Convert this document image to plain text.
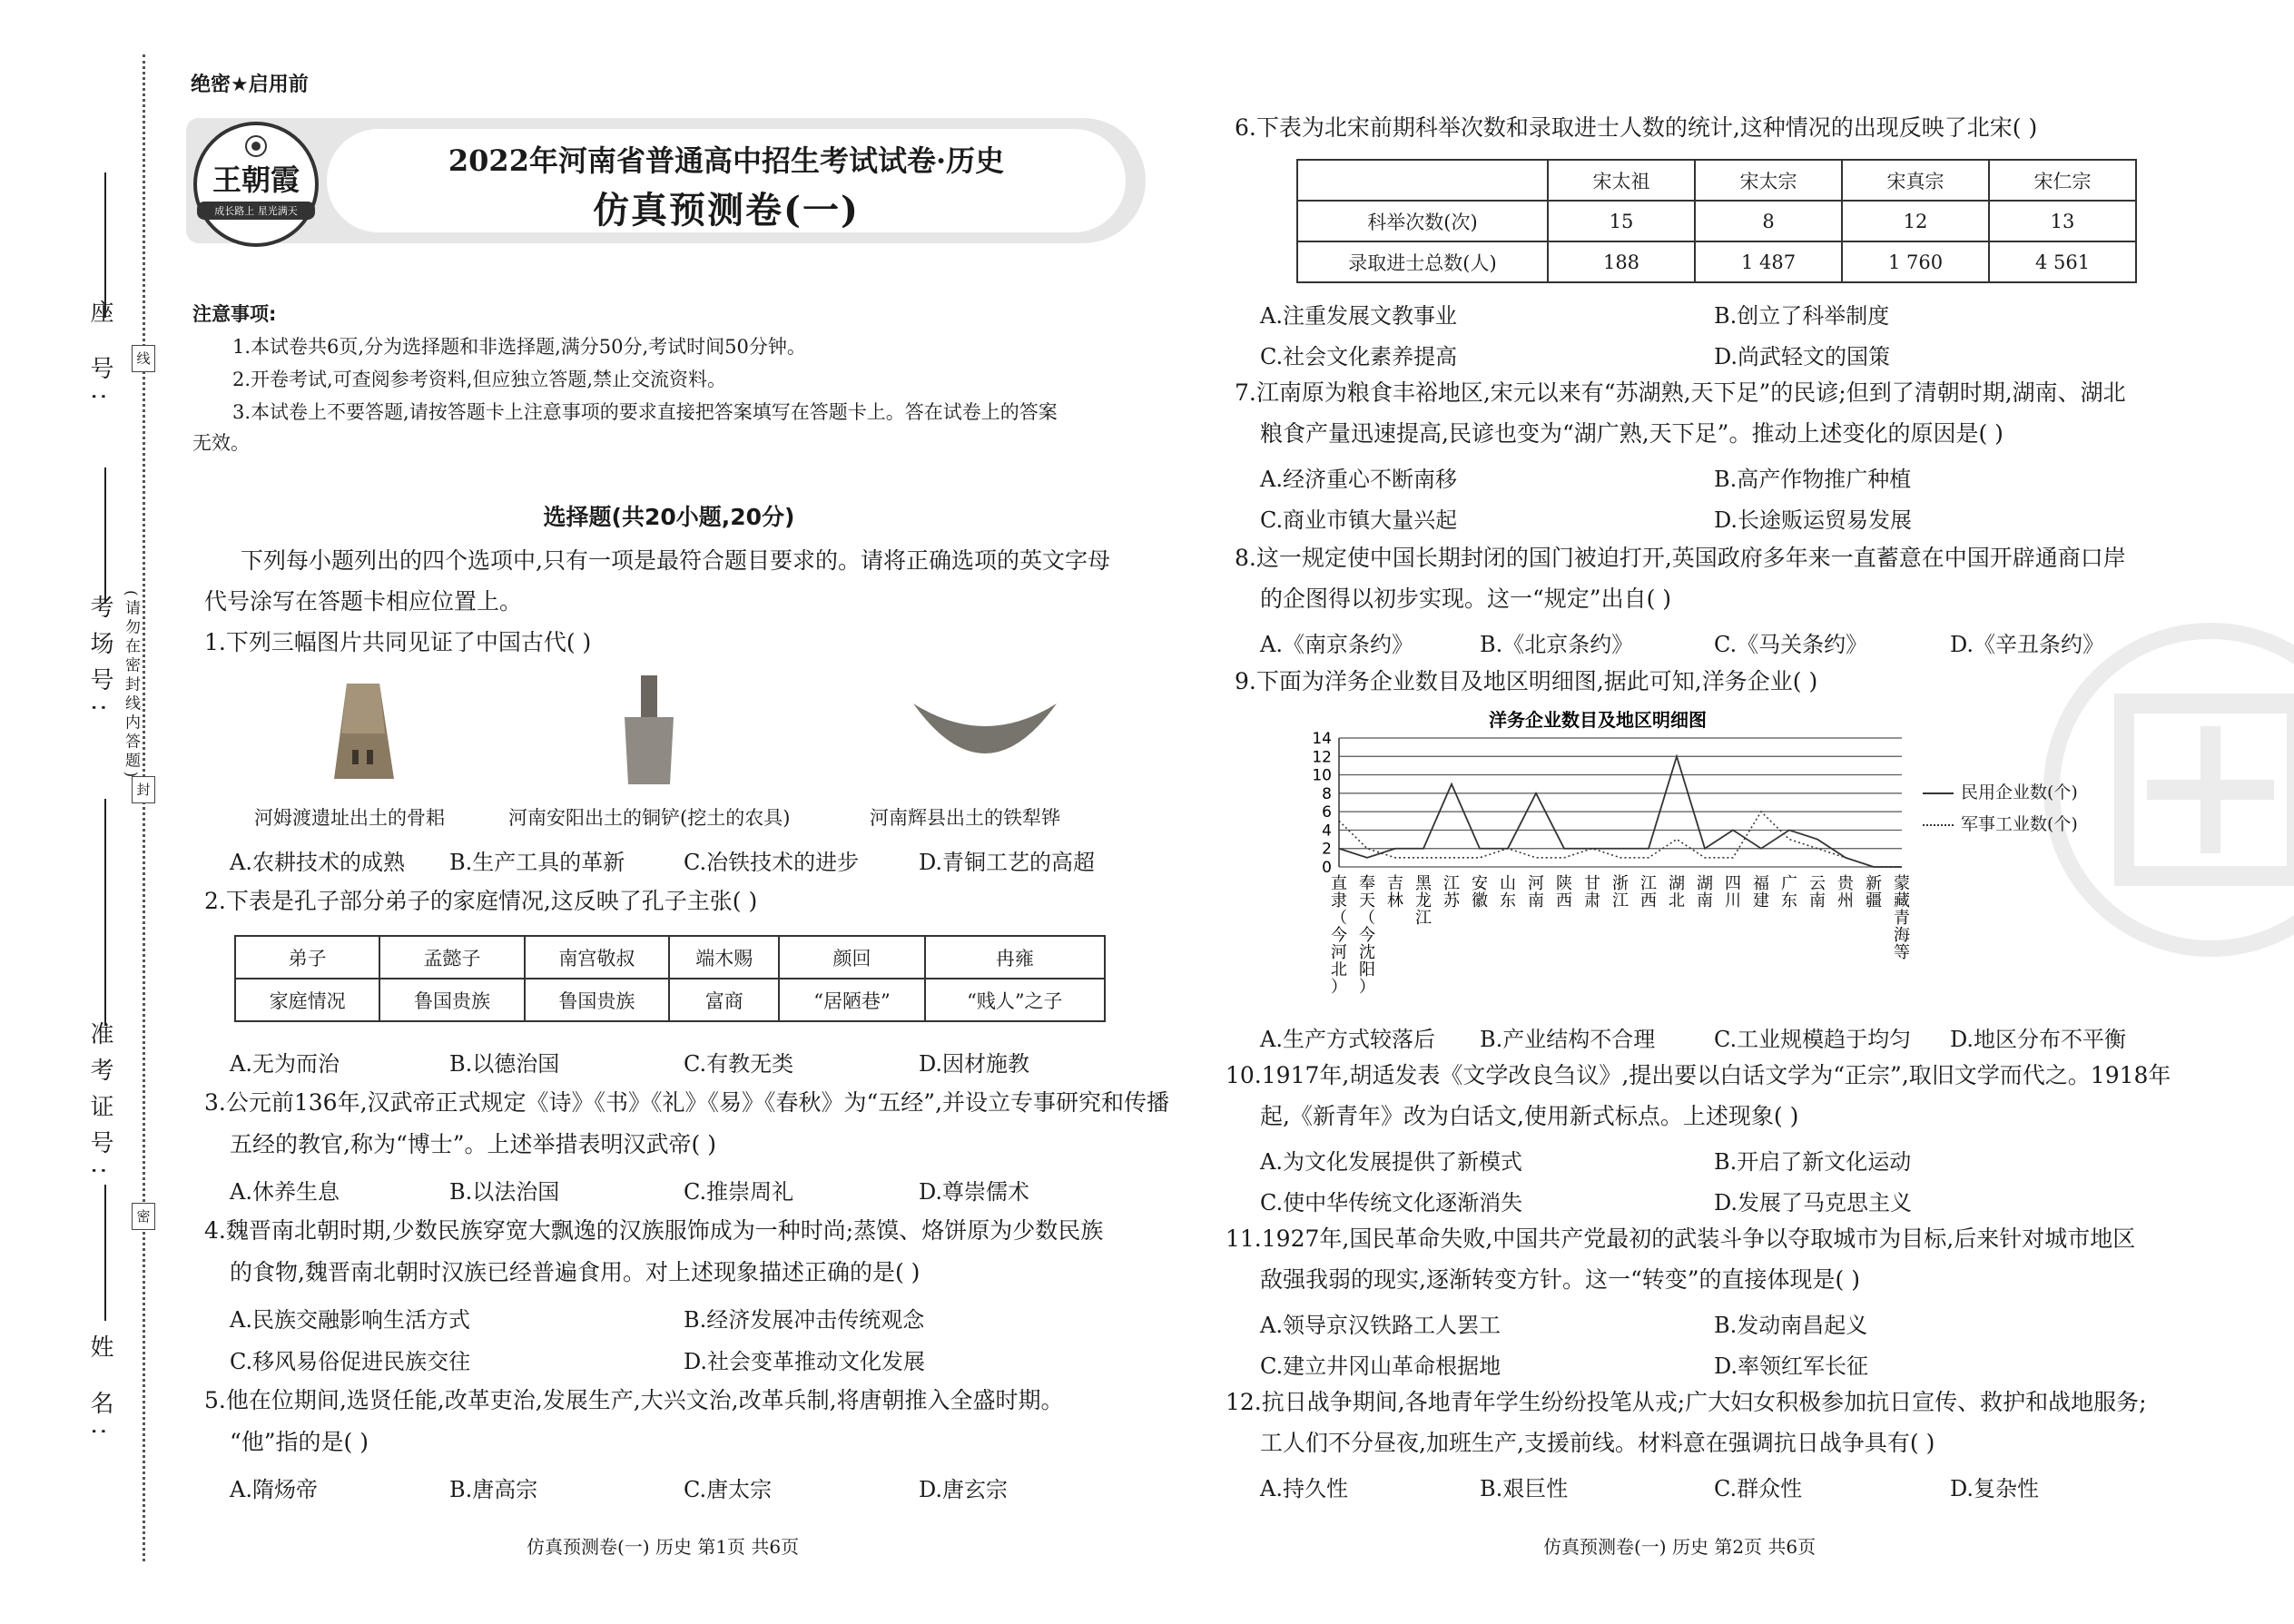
座 号:
考场号:
准考证号:
姓 名:
线
封
密
(请勿在密封线内答题)
绝密★启用前
王朝霞
成长路上 星光满天
2022年河南省普通高中招生考试试卷·历史
仿真预测卷(一)
注意事项:

1.本试卷共6页,分为选择题和非选择题,满分50分,考试时间50分钟。

2.开卷考试,可查阅参考资料,但应独立答题,禁止交流资料。

3.本试卷上不要答题,请按答题卡上注意事项的要求直接把答案填写在答题卡上。答在试卷上的答案

无效。
选择题(共20小题,20分)
下列每小题列出的四个选项中,只有一项是最符合题目要求的。请将正确选项的英文字母
代号涂写在答题卡相应位置上。
1.下列三幅图片共同见证了中国古代( )
河姆渡遗址出土的骨耜	河南安阳出土的铜铲(挖土的农具)	河南辉县出土的铁犁铧
A.农耕技术的成熟 B.生产工具的革新	C.冶铁技术的进步	D.青铜工艺的高超
2.下表是孔子部分弟子的家庭情况,这反映了孔子主张( )
弟子	孟懿子	南宫敬叔	端木赐	颜回	冉雍
家庭情况	鲁国贵族	鲁国贵族	富商	“居陋巷”	“贱人”之子
A.无为而治	B.以德治国	C.有教无类	D.因材施教
3.公元前136年,汉武帝正式规定《诗》《书》《礼》《易》《春秋》为“五经”,并设立专事研究和传播
五经的教官,称为“博士”。上述举措表明汉武帝( )
A.休养生息	B.以法治国	C.推崇周礼	D.尊崇儒术
4.魏晋南北朝时期,少数民族穿宽大飘逸的汉族服饰成为一种时尚;蒸馍、烙饼原为少数民族
的食物,魏晋南北朝时汉族已经普遍食用。对上述现象描述正确的是( )
A.民族交融影响生活方式	B.经济发展冲击传统观念
C.移风易俗促进民族交往	D.社会变革推动文化发展
5.他在位期间,选贤任能,改革吏治,发展生产,大兴文治,改革兵制,将唐朝推入全盛时期。
“他”指的是( )
A.隋炀帝	B.唐高宗	C.唐太宗	D.唐玄宗
仿真预测卷(一) 历史 第1页 共6页
6.下表为北宋前期科举次数和录取进士人数的统计,这种情况的出现反映了北宋( )
	宋太祖	宋太宗	宋真宗	宋仁宗
科举次数(次)	15	8	12	13
录取进士总数(人)	188	1 487	1 760	4 561
A.注重发展文教事业	B.创立了科举制度
C.社会文化素养提高	D.尚武轻文的国策
7.江南原为粮食丰裕地区,宋元以来有“苏湖熟,天下足”的民谚;但到了清朝时期,湖南、湖北
粮食产量迅速提高,民谚也变为“湖广熟,天下足”。推动上述变化的原因是( )
A.经济重心不断南移	B.高产作物推广种植
C.商业市镇大量兴起	D.长途贩运贸易发展
8.这一规定使中国长期封闭的国门被迫打开,英国政府多年来一直蓄意在中国开辟通商口岸
的企图得以初步实现。这一“规定”出自( )
A.《南京条约》	B.《北京条约》	C.《马关条约》	D.《辛丑条约》
9.下面为洋务企业数目及地区明细图,据此可知,洋务企业( )
洋务企业数目及地区明细图
0
2
4
6
8
10
12
14
直
隶
（
今
河
北
）
奉
天
（
今
沈
阳
）
吉
林
黑
龙
江
江
苏
安
徽
山
东
河
南
陕
西
甘
肃
浙
江
江
西
湖
北
湖
南
四
川
福
建
广
东
云
南
贵
州
新
疆
蒙
藏
青
海
等
民用企业数(个)
军事工业数(个)
A.生产方式较落后 B.产业结构不合理	C.工业规模趋于均匀 D.地区分布不平衡
10.1917年,胡适发表《文学改良刍议》,提出要以白话文学为“正宗”,取旧文学而代之。1918年
起,《新青年》改为白话文,使用新式标点。上述现象( )
A.为文化发展提供了新模式	B.开启了新文化运动
C.使中华传统文化逐渐消失	D.发展了马克思主义
11.1927年,国民革命失败,中国共产党最初的武装斗争以夺取城市为目标,后来针对城市地区
敌强我弱的现实,逐渐转变方针。这一“转变”的直接体现是( )
A.领导京汉铁路工人罢工	B.发动南昌起义
C.建立井冈山革命根据地	D.率领红军长征
12.抗日战争期间,各地青年学生纷纷投笔从戎;广大妇女积极参加抗日宣传、救护和战地服务;
工人们不分昼夜,加班生产,支援前线。材料意在强调抗日战争具有( )
A.持久性	B.艰巨性	C.群众性	D.复杂性
仿真预测卷(一) 历史 第2页 共6页
